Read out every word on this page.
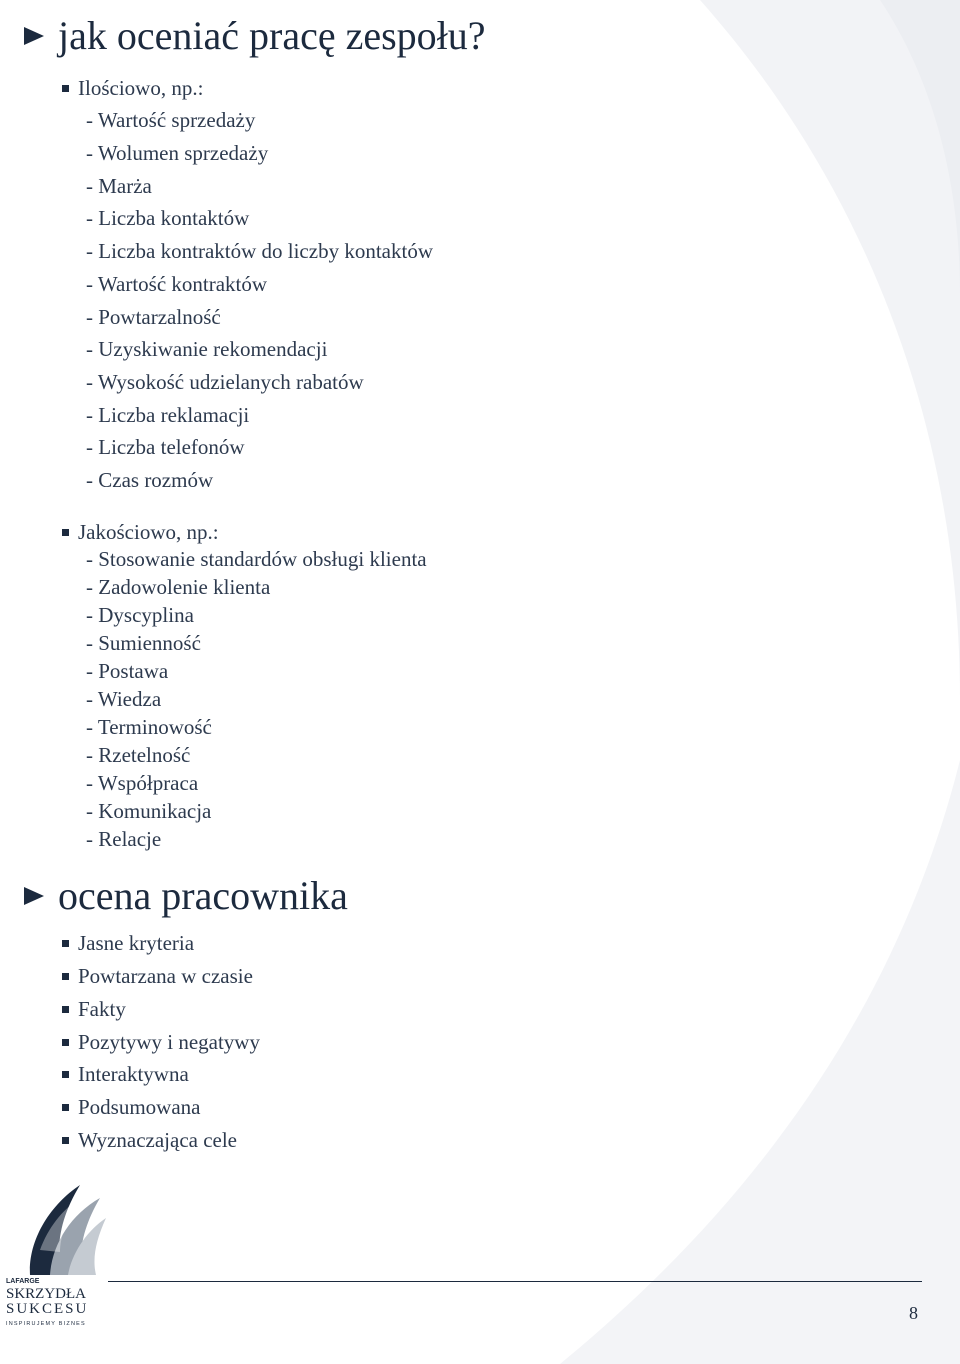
jak oceniać pracę zespołu?
Ilościowo, np.:
- Wartość sprzedaży
- Wolumen sprzedaży
- Marża
- Liczba kontaktów
- Liczba kontraktów do liczby kontaktów
- Wartość kontraktów
- Powtarzalność
- Uzyskiwanie rekomendacji
- Wysokość udzielanych rabatów
- Liczba reklamacji
- Liczba telefonów
- Czas rozmów
Jakościowo, np.:
- Stosowanie standardów obsługi klienta
- Zadowolenie klienta
- Dyscyplina
- Sumienność
- Postawa
- Wiedza
- Terminowość
- Rzetelność
- Współpraca
- Komunikacja
- Relacje
ocena pracownika
Jasne kryteria
Powtarzana w czasie
Fakty
Pozytywy i negatywy
Interaktywna
Podsumowana
Wyznaczająca cele
LAFARGE
SKRZYDŁA
SUKCESU
INSPIRUJEMY BIZNES
8
